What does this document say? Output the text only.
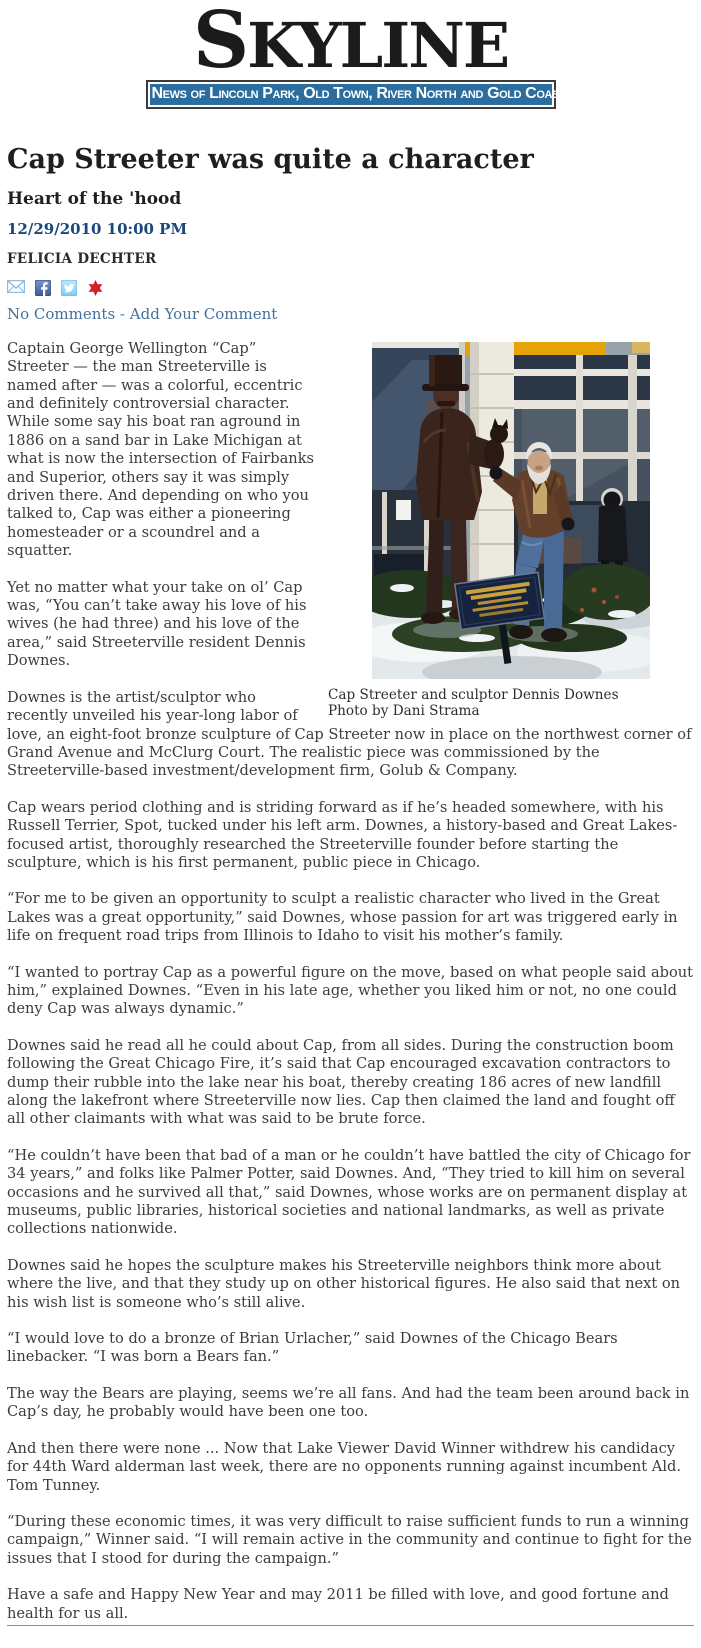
SKYLINE
News of Lincoln Park, Old Town, River North and Gold Coast
Cap Streeter was quite a character
Heart of the 'hood
12/29/2010 10:00 PM
FELICIA DECHTER

No Comments - Add Your Comment
Cap Streeter and sculptor Dennis Downes
Photo by Dani Strama

Captain George Wellington “Cap” Streeter — the man Streeterville is named after — was a colorful, eccentric and definitely controversial character. While some say his boat ran aground in 1886 on a sand bar in Lake Michigan at what is now the intersection of Fairbanks and Superior, others say it was simply driven there. And depending on who you talked to, Cap was either a pioneering homesteader or a scoundrel and a squatter.

Yet no matter what your take on ol’ Cap was, “You can’t take away his love of his wives (he had three) and his love of the area,” said Streeterville resident Dennis Downes.

Downes is the artist/sculptor who recently unveiled his year-long labor of love, an eight-foot bronze sculpture of Cap Streeter now in place on the northwest corner of Grand Avenue and McClurg Court. The realistic piece was commissioned by the Streeterville-based investment/development firm, Golub & Company.

Cap wears period clothing and is striding forward as if he’s headed somewhere, with his Russell Terrier, Spot, tucked under his left arm. Downes, a history-based and Great Lakes-focused artist, thoroughly researched the Streeterville founder before starting the sculpture, which is his first permanent, public piece in Chicago.

“For me to be given an opportunity to sculpt a realistic character who lived in the Great Lakes was a great opportunity,” said Downes, whose passion for art was triggered early in life on frequent road trips from Illinois to Idaho to visit his mother’s family.

“I wanted to portray Cap as a powerful figure on the move, based on what people said about him,” explained Downes. “Even in his late age, whether you liked him or not, no one could deny Cap was always dynamic.”

Downes said he read all he could about Cap, from all sides. During the construction boom following the Great Chicago Fire, it’s said that Cap encouraged excavation contractors to dump their rubble into the lake near his boat, thereby creating 186 acres of new landfill along the lakefront where Streeterville now lies. Cap then claimed the land and fought off all other claimants with what was said to be brute force.

“He couldn’t have been that bad of a man or he couldn’t have battled the city of Chicago for 34 years,” and folks like Palmer Potter, said Downes. And, “They tried to kill him on several occasions and he survived all that,” said Downes, whose works are on permanent display at museums, public libraries, historical societies and national landmarks, as well as private collections nationwide.

Downes said he hopes the sculpture makes his Streeterville neighbors think more about where the live, and that they study up on other historical figures. He also said that next on his wish list is someone who’s still alive.

“I would love to do a bronze of Brian Urlacher,” said Downes of the Chicago Bears linebacker. “I was born a Bears fan.”

The way the Bears are playing, seems we’re all fans. And had the team been around back in Cap’s day, he probably would have been one too.

And then there were none ... Now that Lake Viewer David Winner withdrew his candidacy for 44th Ward alderman last week, there are no opponents running against incumbent Ald. Tom Tunney.

“During these economic times, it was very difficult to raise sufficient funds to run a winning campaign,” Winner said. “I will remain active in the community and continue to fight for the issues that I stood for during the campaign.”

Have a safe and Happy New Year and may 2011 be filled with love, and good fortune and health for us all.
